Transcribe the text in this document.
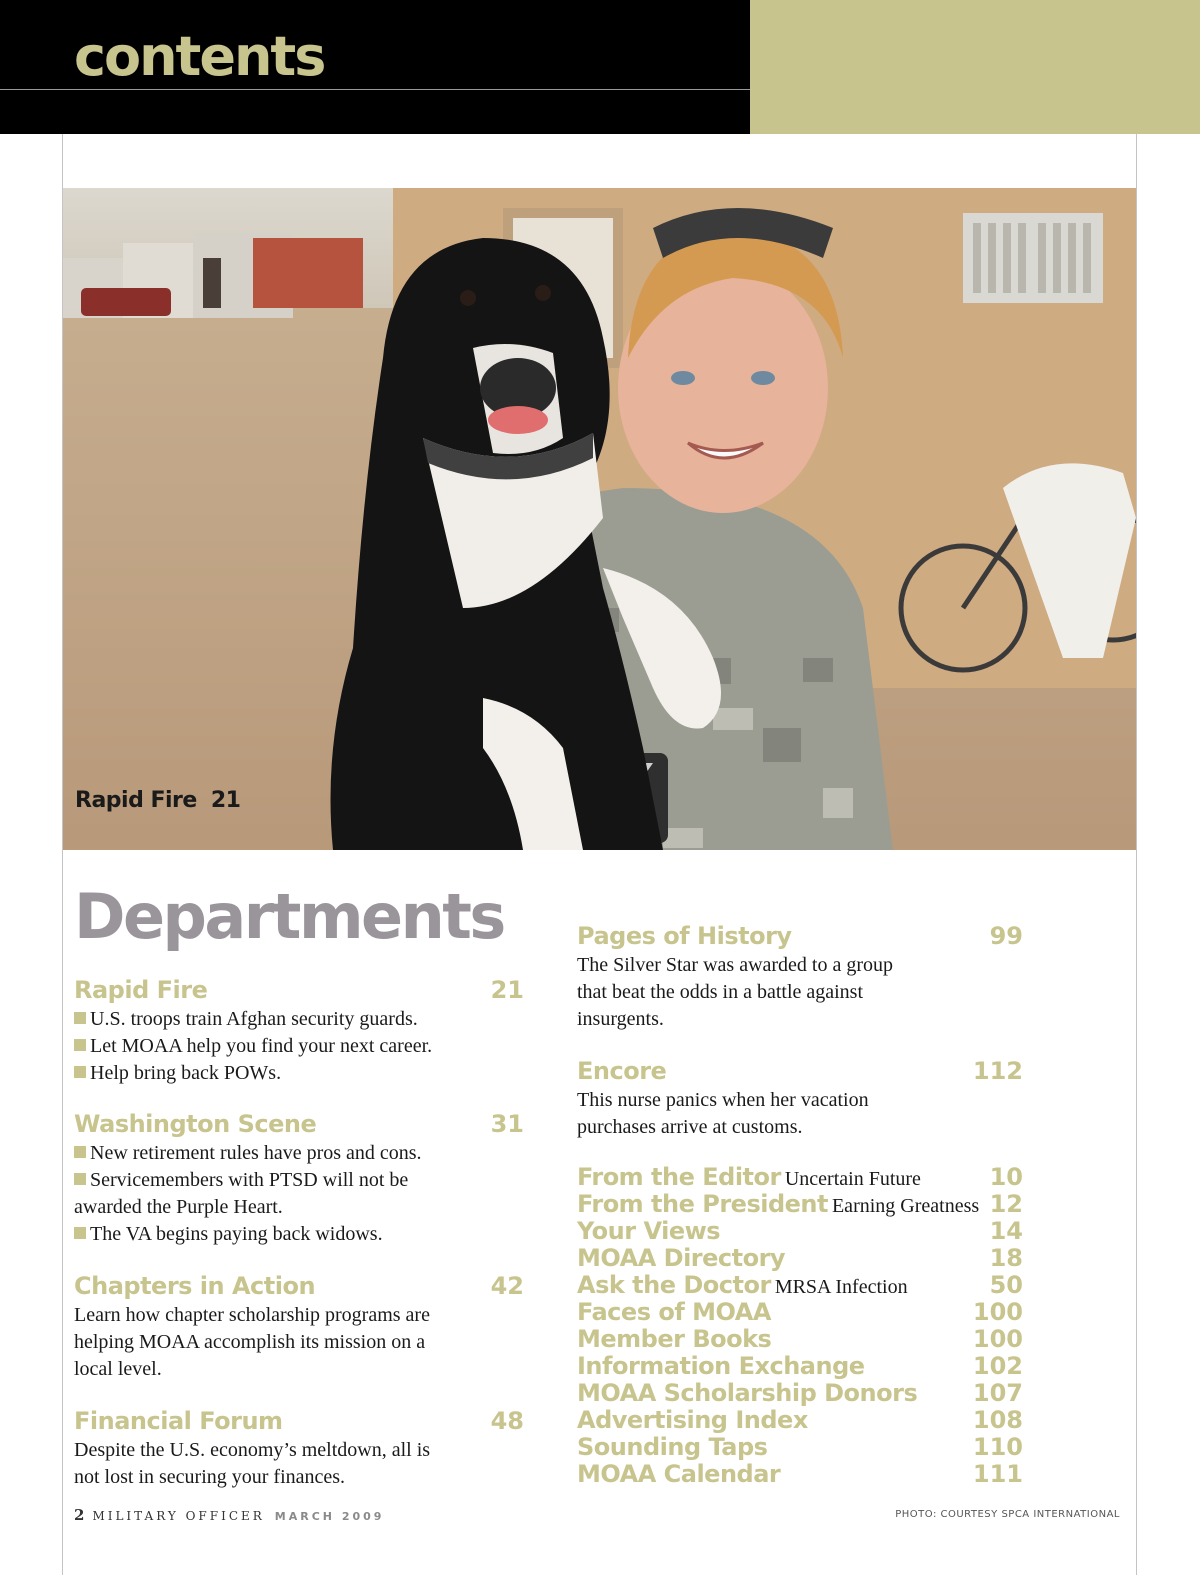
contents
Rapid Fire 21
Departments
Rapid Fire	21
U.S. troops train Afghan security guards.
Let MOAA help you find your next career.
Help bring back POWs.
Washington Scene	31
New retirement rules have pros and cons.
Servicemembers with PTSD will not be awarded the Purple Heart.
The VA begins paying back widows.
Chapters in Action	42
Learn how chapter scholarship programs are helping MOAA accomplish its mission on a local level.
Financial Forum	48
Despite the U.S. economy’s meltdown, all is not lost in securing your finances.
Pages of History	99
The Silver Star was awarded to a group that beat the odds in a battle against insurgents.
Encore	112
This nurse panics when her vacation purchases arrive at customs.
From the Editor Uncertain Future	10
From the President Earning Greatness 12
Your Views	14
MOAA Directory	18
Ask the Doctor MRSA Infection	50
Faces of MOAA	100
Member Books	100
Information Exchange	102
MOAA Scholarship Donors 107
Advertising Index	108
Sounding Taps	110
MOAA Calendar	111
2 MILITARY OFFICER MARCH 2009	PHOTO: COURTESY SPCA INTERNATIONAL
